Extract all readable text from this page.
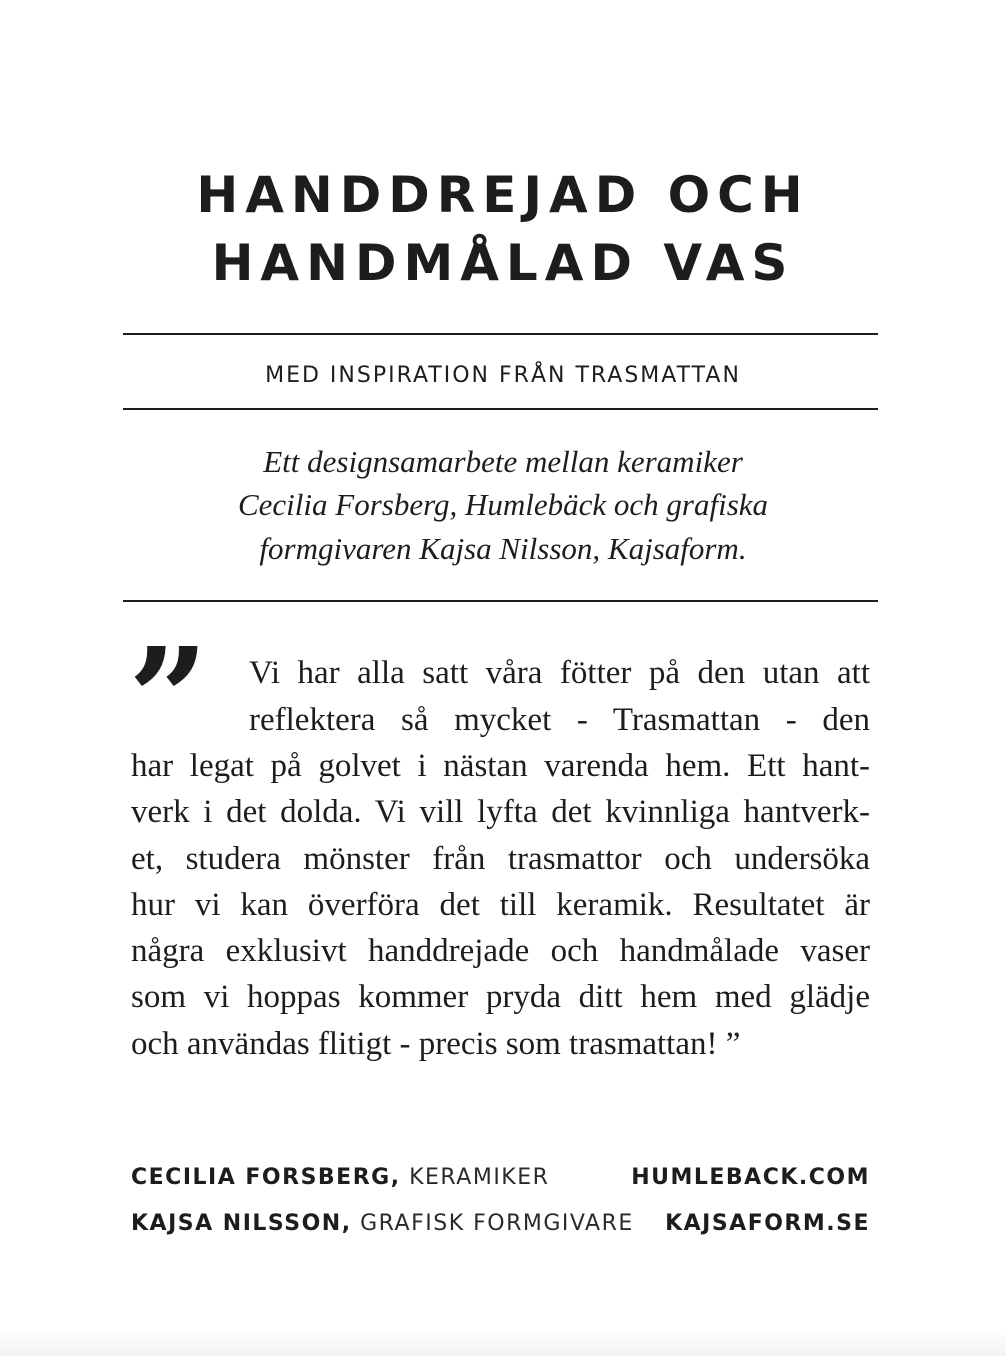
HANDDREJAD OCH
HANDMÅLAD VAS
MED INSPIRATION FRÅN TRASMATTAN
Ett designsamarbete mellan keramiker
Cecilia Forsberg, Humlebäck och grafiska
formgivaren Kajsa Nilsson, Kajsaform.
” Vi har alla satt våra fötter på den utan att
reflektera så mycket - Trasmattan - den
har legat på golvet i nästan varenda hem. Ett hant-
verk i det dolda. Vi vill lyfta det kvinnliga hantverk-
et, studera mönster från trasmattor och undersöka
hur vi kan överföra det till keramik. Resultatet är
några exklusivt handdrejade och handmålade vaser
som vi hoppas kommer pryda ditt hem med glädje
och användas flitigt - precis som trasmattan! ”
CECILIA FORSBERG, KERAMIKER	HUMLEBACK.COM
KAJSA NILSSON, GRAFISK FORMGIVARE KAJSAFORM.SE
